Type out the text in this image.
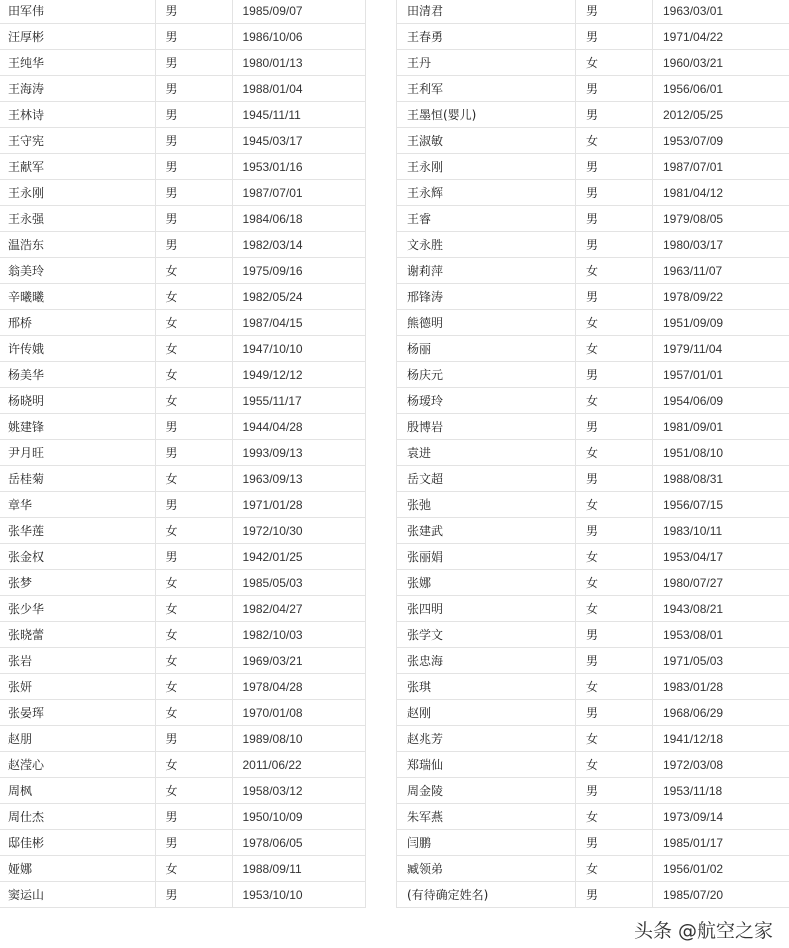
田军伟	男	1985/09/07
汪厚彬	男	1986/10/06
王纯华	男	1980/01/13
王海涛	男	1988/01/04
王林诗	男	1945/11/11
王守宪	男	1945/03/17
王献军	男	1953/01/16
王永刚	男	1987/07/01
王永强	男	1984/06/18
温浩东	男	1982/03/14
翁美玲	女	1975/09/16
辛曦曦	女	1982/05/24
邢桥	女	1987/04/15
许传娥	女	1947/10/10
杨美华	女	1949/12/12
杨晓明	女	1955/11/17
姚建锋	男	1944/04/28
尹月旺	男	1993/09/13
岳桂菊	女	1963/09/13
章华	男	1971/01/28
张华莲	女	1972/10/30
张金权	男	1942/01/25
张梦	女	1985/05/03
张少华	女	1982/04/27
张晓蕾	女	1982/10/03
张岩	女	1969/03/21
张妍	女	1978/04/28
张晏珲	女	1970/01/08
赵朋	男	1989/08/10
赵滢心	女	2011/06/22
周枫	女	1958/03/12
周仕杰	男	1950/10/09
邸佳彬	男	1978/06/05
娅娜	女	1988/09/11
窦运山	男	1953/10/10
田清君	男	1963/03/01
王春勇	男	1971/04/22
王丹	女	1960/03/21
王利军	男	1956/06/01
王墨恒(婴儿)	男	2012/05/25
王淑敏	女	1953/07/09
王永刚	男	1987/07/01
王永辉	男	1981/04/12
王睿	男	1979/08/05
文永胜	男	1980/03/17
谢莉萍	女	1963/11/07
邢锋涛	男	1978/09/22
熊德明	女	1951/09/09
杨丽	女	1979/11/04
杨庆元	男	1957/01/01
杨瑷玲	女	1954/06/09
殷博岩	男	1981/09/01
袁进	女	1951/08/10
岳文超	男	1988/08/31
张弛	女	1956/07/15
张建武	男	1983/10/11
张丽娟	女	1953/04/17
张娜	女	1980/07/27
张四明	女	1943/08/21
张学文	男	1953/08/01
张忠海	男	1971/05/03
张琪	女	1983/01/28
赵刚	男	1968/06/29
赵兆芳	女	1941/12/18
郑瑞仙	女	1972/03/08
周金陵	男	1953/11/18
朱军燕	女	1973/09/14
闫鹏	男	1985/01/17
臧领弟	女	1956/01/02
(有待确定姓名)	男	1985/07/20
头条 @航空之家
